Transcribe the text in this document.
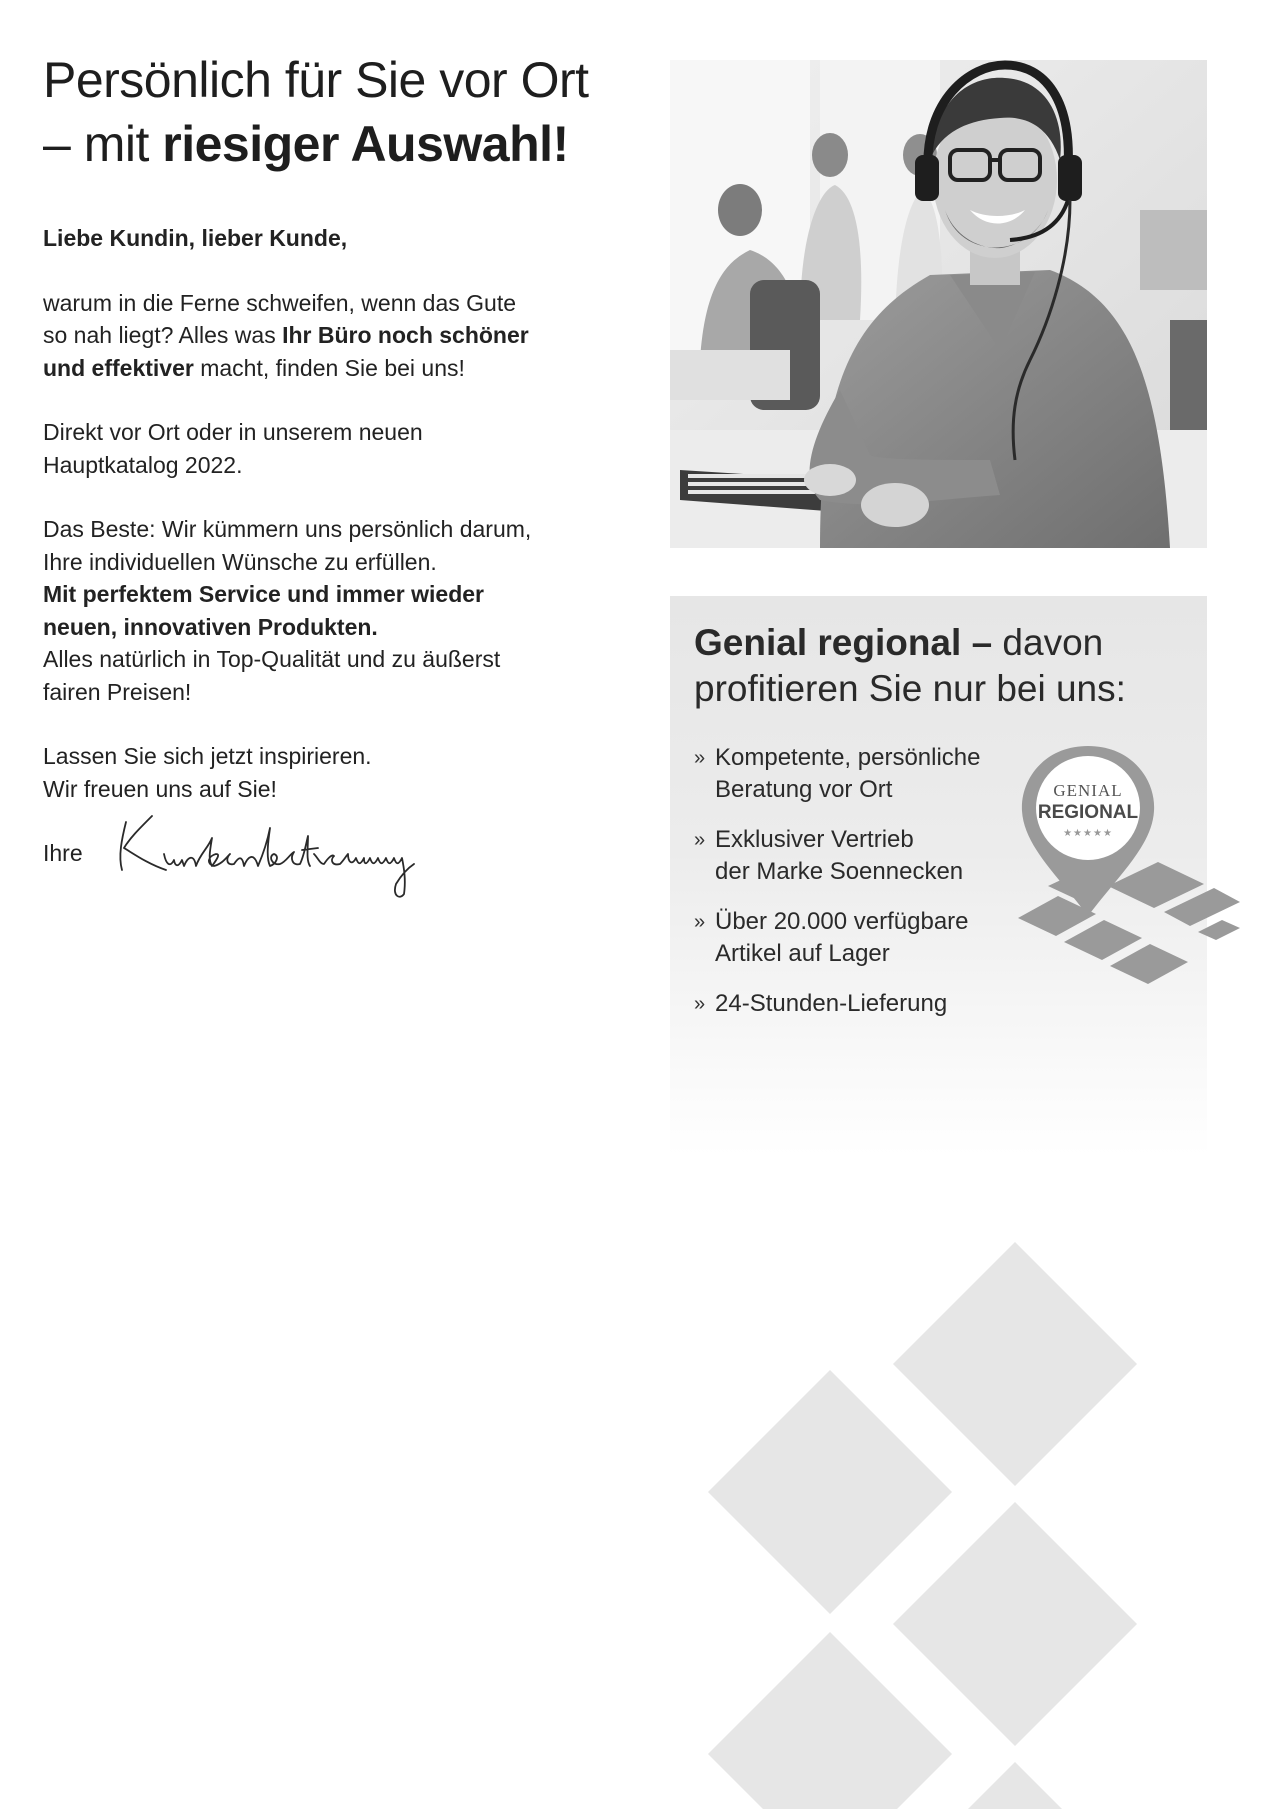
Persönlich für Sie vor Ort
– mit riesiger Auswahl!

Liebe Kundin, lieber Kunde,

warum in die Ferne schweifen, wenn das Gute
so nah liegt? Alles was Ihr Büro noch schöner
und effektiver macht, finden Sie bei uns!

Direkt vor Ort oder in unserem neuen
Hauptkatalog 2022.

Das Beste: Wir kümmern uns persönlich darum,
Ihre individuellen Wünsche zu erfüllen.
Mit perfektem Service und immer wieder
neuen, innovativen Produkten.
Alles natürlich in Top-Qualität und zu äußerst
fairen Preisen!

Lassen Sie sich jetzt inspirieren.
Wir freuen uns auf Sie!

Ihre
Genial regional – davon
profitieren Sie nur bei uns:
» Kompetente, persönliche
Beratung vor Ort
» Exklusiver Vertrieb
der Marke Soennecken
» Über 20.000 verfügbare
Artikel auf Lager
» 24-Stunden-Lieferung
GENIAL
REGIONAL
★★★★★
